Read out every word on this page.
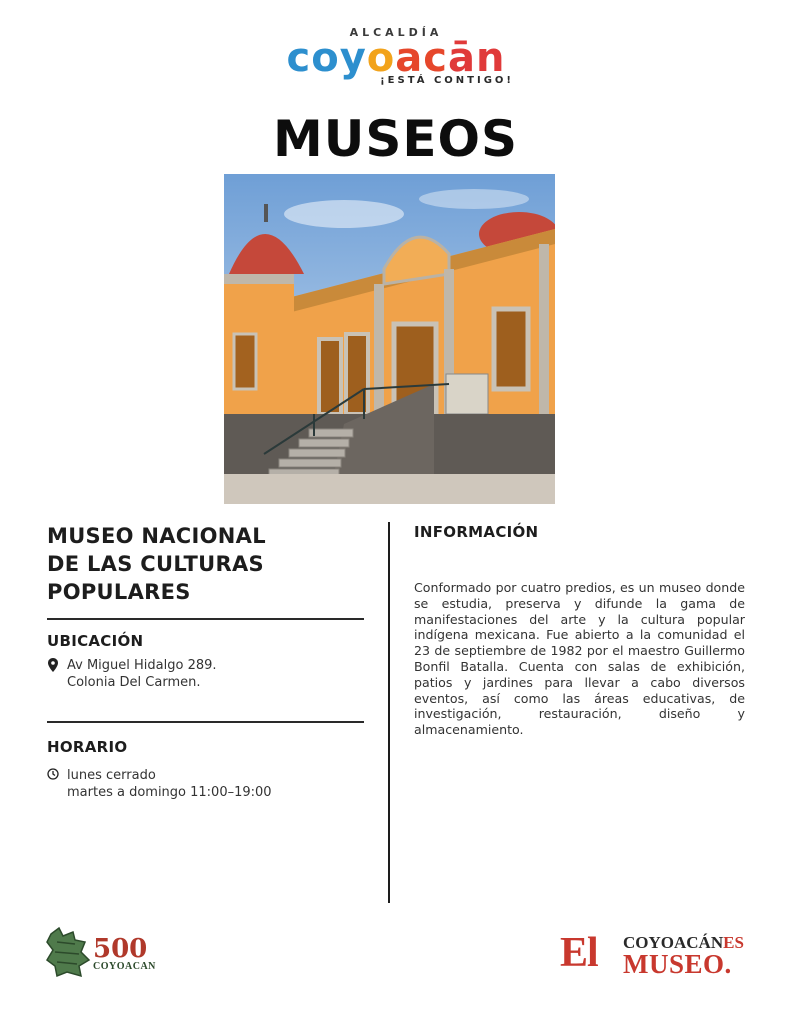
ALCALDÍA
coyoacān
¡ESTÁ CONTIGO!
MUSEOS
MUSEO NACIONAL
DE LAS CULTURAS
POPULARES
UBICACIÓN
Av Miguel Hidalgo 289.
Colonia Del Carmen.
HORARIO
lunes cerrado
martes a domingo 11:00–19:00
INFORMACIÓN
Conformado por cuatro predios, es un museo donde se estudia, preserva y difunde la gama de manifestaciones del arte y la cultura popular indígena mexicana. Fue abierto a la comunidad el 23 de septiembre de 1982 por el maestro Guillermo Bonfil Batalla. Cuenta con salas de exhibición, patios y jardines para llevar a cabo diversos eventos, así como las áreas educativas, de investigación, restauración, diseño y almacenamiento.
500
COYOACAN	El COYOACÁNES
MUSEO.
